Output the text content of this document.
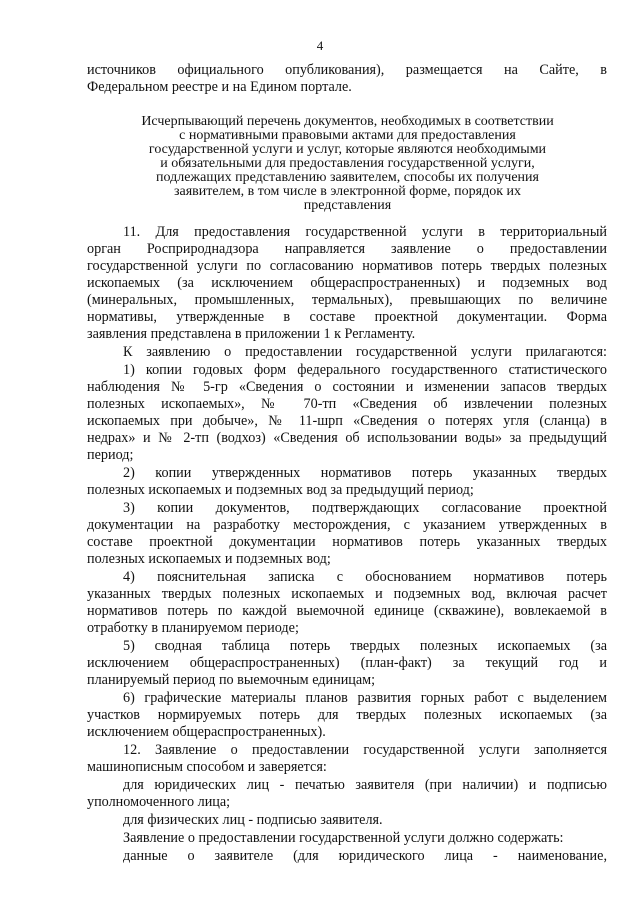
4
источников официального опубликования), размещается на Сайте, в
Федеральном реестре и на Едином портале.
Исчерпывающий перечень документов, необходимых в соответствии
с нормативными правовыми актами для предоставления
государственной услуги и услуг, которые являются необходимыми
и обязательными для предоставления государственной услуги,
подлежащих представлению заявителем, способы их получения
заявителем, в том числе в электронной форме, порядок их
представления
11. Для предоставления государственной услуги в территориальный
орган Росприроднадзора направляется заявление о предоставлении
государственной услуги по согласованию нормативов потерь твердых полезных
ископаемых (за исключением общераспространенных) и подземных вод
(минеральных, промышленных, термальных), превышающих по величине
нормативы, утвержденные в составе проектной документации. Форма
заявления представлена в приложении 1 к Регламенту.
К заявлению о предоставлении государственной услуги прилагаются:
1) копии годовых форм федерального государственного статистического
наблюдения № 5-гр «Сведения о состоянии и изменении запасов твердых
полезных ископаемых», № 70-тп «Сведения об извлечении полезных
ископаемых при добыче», № 11-шрп «Сведения о потерях угля (сланца) в
недрах» и № 2-тп (водхоз) «Сведения об использовании воды» за предыдущий
период;
2) копии утвержденных нормативов потерь указанных твердых
полезных ископаемых и подземных вод за предыдущий период;
3) копии документов, подтверждающих согласование проектной
документации на разработку месторождения, с указанием утвержденных в
составе проектной документации нормативов потерь указанных твердых
полезных ископаемых и подземных вод;
4) пояснительная записка с обоснованием нормативов потерь
указанных твердых полезных ископаемых и подземных вод, включая расчет
нормативов потерь по каждой выемочной единице (скважине), вовлекаемой в
отработку в планируемом периоде;
5) сводная таблица потерь твердых полезных ископаемых (за
исключением общераспространенных) (план-факт) за текущий год и
планируемый период по выемочным единицам;
6) графические материалы планов развития горных работ с выделением
участков нормируемых потерь для твердых полезных ископаемых (за
исключением общераспространенных).
12. Заявление о предоставлении государственной услуги заполняется
машинописным способом и заверяется:
для юридических лиц - печатью заявителя (при наличии) и подписью
уполномоченного лица;
для физических лиц - подписью заявителя.
Заявление о предоставлении государственной услуги должно содержать:
данные о заявителе (для юридического лица - наименование,
